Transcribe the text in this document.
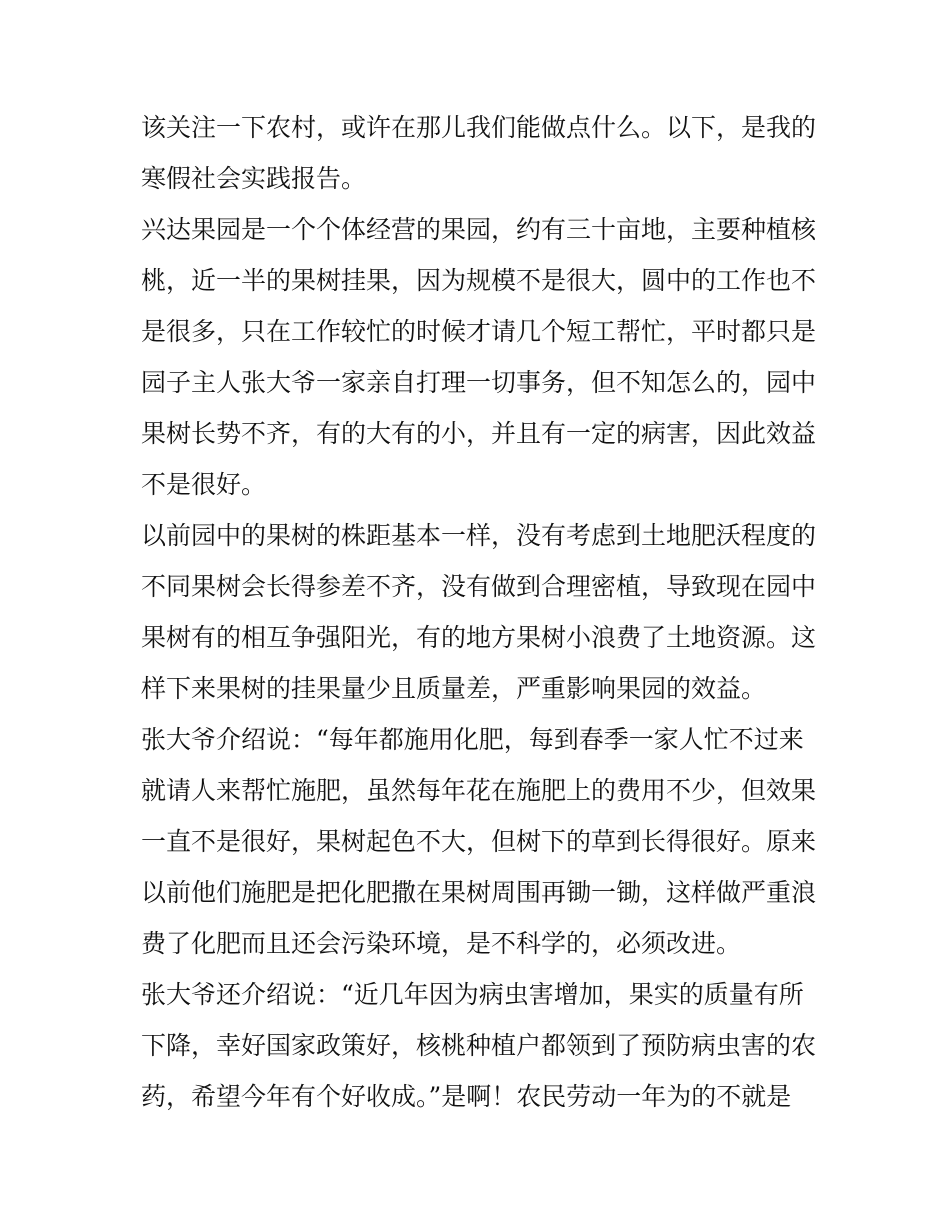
该关注一下农村，或许在那儿我们能做点什么。以下，是我的
寒假社会实践报告。
兴达果园是一个个体经营的果园，约有三十亩地，主要种植核
桃，近一半的果树挂果，因为规模不是很大，圆中的工作也不
是很多，只在工作较忙的时候才请几个短工帮忙，平时都只是
园子主人张大爷一家亲自打理一切事务，但不知怎么的，园中
果树长势不齐，有的大有的小，并且有一定的病害，因此效益
不是很好。
以前园中的果树的株距基本一样，没有考虑到土地肥沃程度的
不同果树会长得参差不齐，没有做到合理密植，导致现在园中
果树有的相互争强阳光，有的地方果树小浪费了土地资源。这
样下来果树的挂果量少且质量差，严重影响果园的效益。
张大爷介绍说：“每年都施用化肥，每到春季一家人忙不过来
就请人来帮忙施肥，虽然每年花在施肥上的费用不少，但效果
一直不是很好，果树起色不大，但树下的草到长得很好。原来
以前他们施肥是把化肥撒在果树周围再锄一锄，这样做严重浪
费了化肥而且还会污染环境，是不科学的，必须改进。
张大爷还介绍说：“近几年因为病虫害增加，果实的质量有所
下降，幸好国家政策好，核桃种植户都领到了预防病虫害的农
药，希望今年有个好收成。”是啊！农民劳动一年为的不就是
